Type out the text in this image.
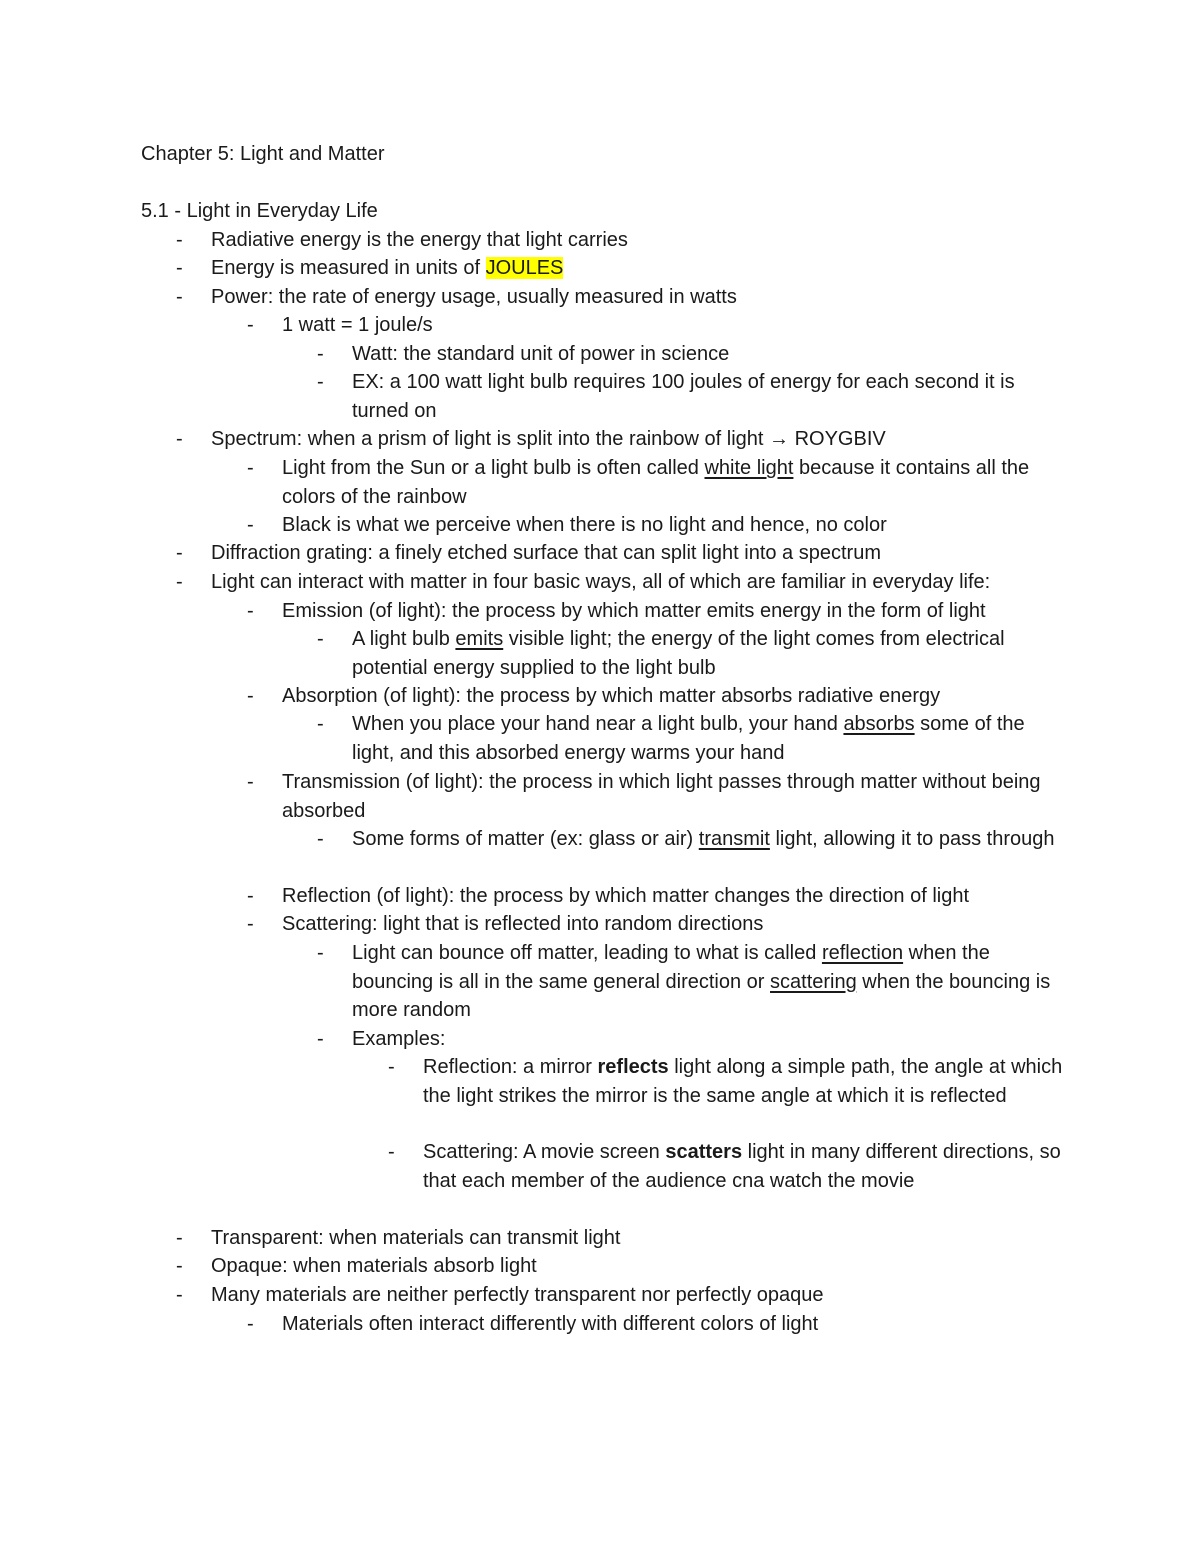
Chapter 5: Light and Matter
5.1 - Light in Everyday Life
- Radiative energy is the energy that light carries
- Energy is measured in units of JOULES
- Power: the rate of energy usage, usually measured in watts
- 1 watt = 1 joule/s
- Watt: the standard unit of power in science
- EX: a 100 watt light bulb requires 100 joules of energy for each second it is turned on
- Spectrum: when a prism of light is split into the rainbow of light → ROYGBIV
- Light from the Sun or a light bulb is often called white light because it contains all the colors of the rainbow
- Black is what we perceive when there is no light and hence, no color
- Diffraction grating: a finely etched surface that can split light into a spectrum
- Light can interact with matter in four basic ways, all of which are familiar in everyday life:
- Emission (of light): the process by which matter emits energy in the form of light
- A light bulb emits visible light; the energy of the light comes from electrical potential energy supplied to the light bulb
- Absorption (of light): the process by which matter absorbs radiative energy
- When you place your hand near a light bulb, your hand absorbs some of the light, and this absorbed energy warms your hand
- Transmission (of light): the process in which light passes through matter without being absorbed
- Some forms of matter (ex: glass or air) transmit light, allowing it to pass through
- Reflection (of light): the process by which matter changes the direction of light
- Scattering: light that is reflected into random directions
- Light can bounce off matter, leading to what is called reflection when the bouncing is all in the same general direction or scattering when the bouncing is more random
- Examples:
- Reflection: a mirror reflects light along a simple path, the angle at which the light strikes the mirror is the same angle at which it is reflected
- Scattering: A movie screen scatters light in many different directions, so that each member of the audience cna watch the movie
- Transparent: when materials can transmit light
- Opaque: when materials absorb light
- Many materials are neither perfectly transparent nor perfectly opaque
- Materials often interact differently with different colors of light
